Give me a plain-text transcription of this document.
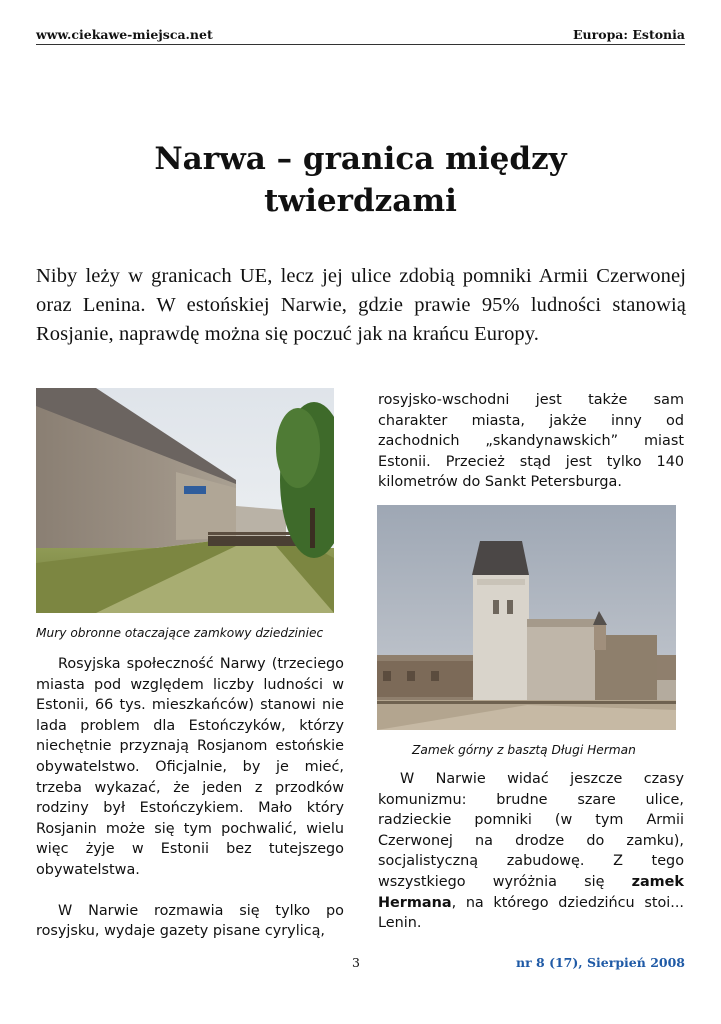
www.ciekawe-miejsca.net	Europa: Estonia
Narwa – granica między
twierdzami
Niby leży w granicach UE, lecz jej ulice zdobią pomniki Armii Czerwonej oraz Lenina. W estońskiej Narwie, gdzie prawie 95% ludności stanowią Rosjanie, naprawdę można się poczuć jak na krańcu Europy.
Mury obronne otaczające zamkowy dziedziniec

Rosyjska społeczność Narwy (trzeciego miasta pod względem liczby ludności w Estonii, 66 tys. mieszkańców) stanowi nie lada problem dla Estończyków, którzy niechętnie przyznają Rosjanom estońskie obywatelstwo. Oficjalnie, by je mieć, trzeba wykazać, że jeden z przodków rodziny był Estończykiem. Mało który Rosjanin może się tym pochwalić, wielu więc żyje w Estonii bez tutejszego obywatelstwa.

W Narwie rozmawia się tylko po rosyjsku, wydaje gazety pisane cyrylicą,

rosyjsko-wschodni jest także sam charakter miasta, jakże inny od zachodnich „skandynawskich” miast Estonii. Przecież stąd jest tylko 140 kilometrów do Sankt Petersburga.

Zamek górny z basztą Długi Herman

W Narwie widać jeszcze czasy komunizmu: brudne szare ulice, radzieckie pomniki (w tym Armii Czerwonej na drodze do zamku), socjalistyczną zabudowę. Z tego wszystkiego wyróżnia się zamek Hermana, na którego dziedzińcu stoi... Lenin.

3	nr 8 (17), Sierpień 2008
